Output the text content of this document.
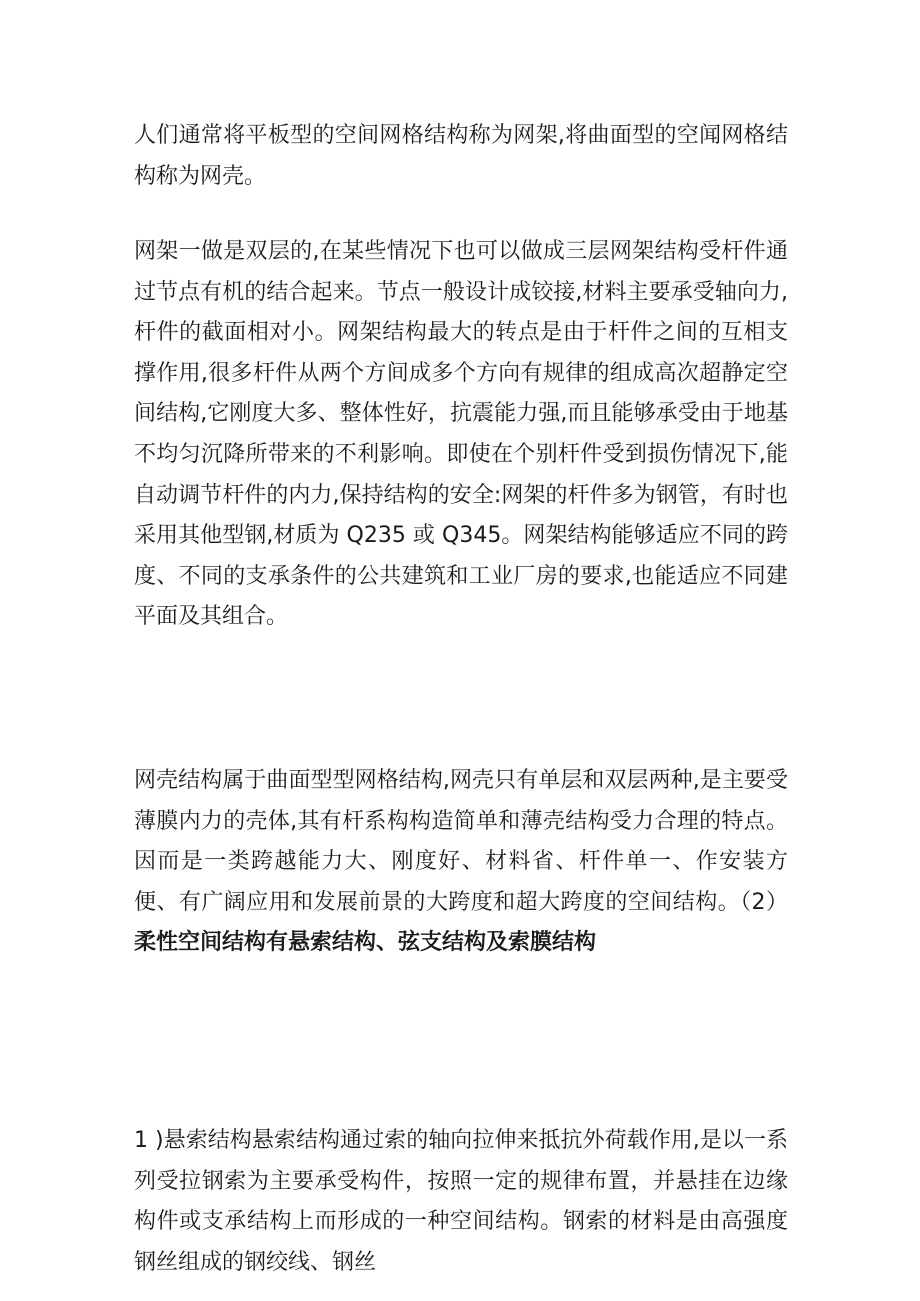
人们通常将平板型的空间网格结构称为网架,将曲面型的空闻网格结构称为网壳。

网架一做是双层的,在某些情况下也可以做成三层网架结构受杆件通过节点有机的结合起来。节点一般设计成铰接,材料主要承受轴向力,杆件的截面相对小。网架结构最大的转点是由于杆件之间的互相支撑作用,很多杆件从两个方间成多个方向有规律的组成高次超静定空间结构,它刚度大多、整体性好，抗震能力强,而且能够承受由于地基不均匀沉降所带来的不利影响。即使在个别杆件受到损伤情况下,能自动调节杆件的内力,保持结构的安全:网架的杆件多为钢管，有时也采用其他型钢,材质为 Q235 或 Q345。网架结构能够适应不同的跨度、不同的支承条件的公共建筑和工业厂房的要求,也能适应不同建平面及其组合。

网壳结构属于曲面型型网格结构,网壳只有单层和双层两种,是主要受薄膜内力的壳体,其有杆系构构造简单和薄壳结构受力合理的特点。因而是一类跨越能力大、刚度好、材料省、杆件单一、作安装方便、有广阔应用和发展前景的大跨度和超大跨度的空间结构。（2）柔性空间结构有悬索结构、弦支结构及索膜结构

1 )悬索结构悬索结构通过索的轴向拉伸来抵抗外荷载作用,是以一系列受拉钢索为主要承受构件，按照一定的规律布置，并悬挂在边缘构件或支承结构上而形成的一种空间结构。钢索的材料是由高强度钢丝组成的钢绞线、钢丝
